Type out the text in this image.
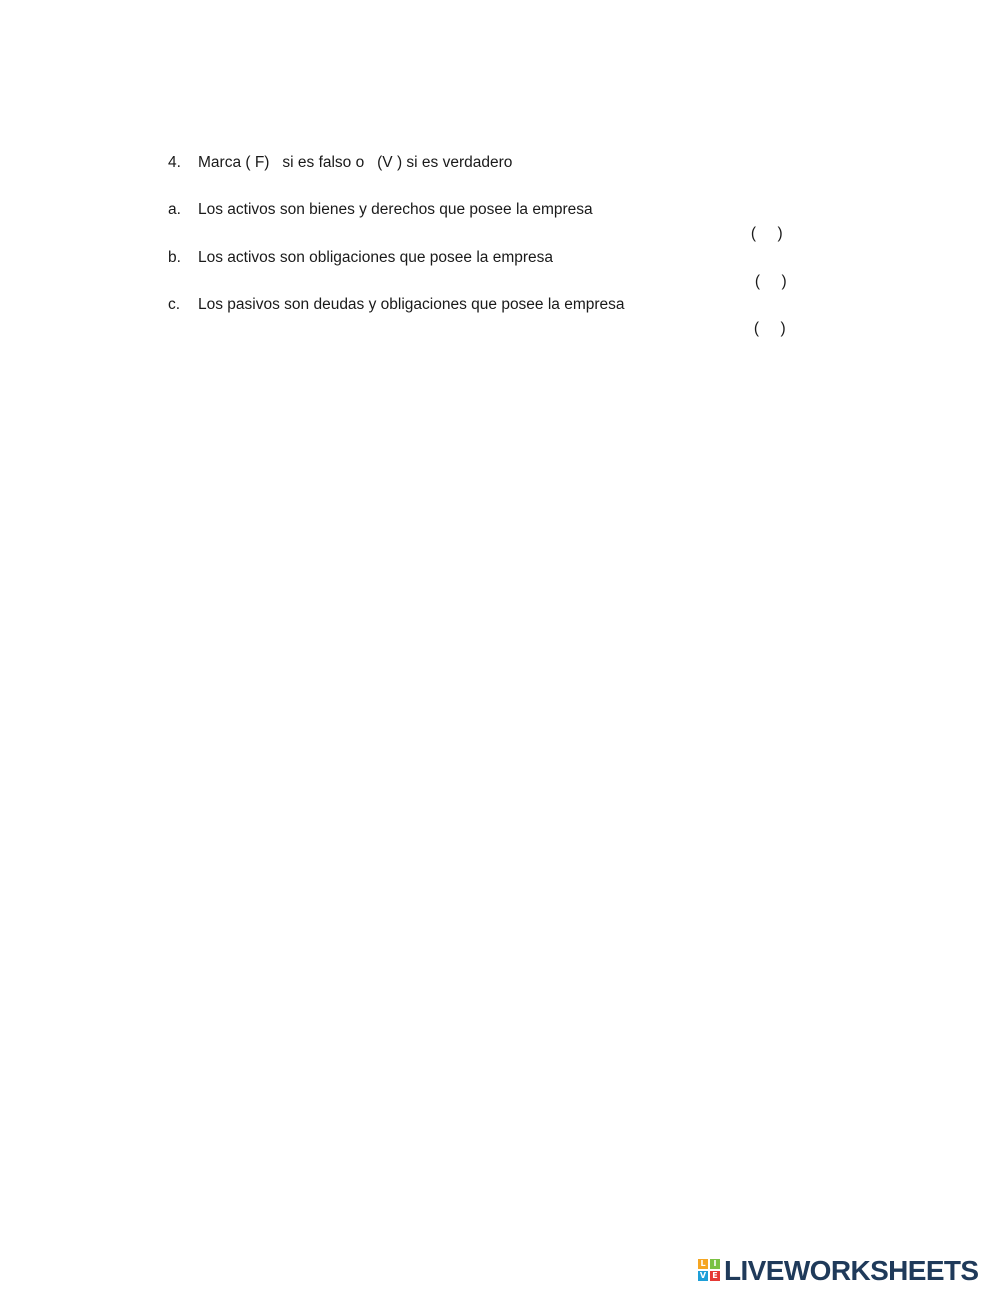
4.

Marca ( F)   si es falso o   (V ) si es verdadero

a.

Los activos son bienes y derechos que posee la empresa

(     )

b.

Los activos son obligaciones que posee la empresa

(     )

c.

Los pasivos son deudas y obligaciones que posee la empresa

(     )

L I
V E LIVEWORKSHEETS
